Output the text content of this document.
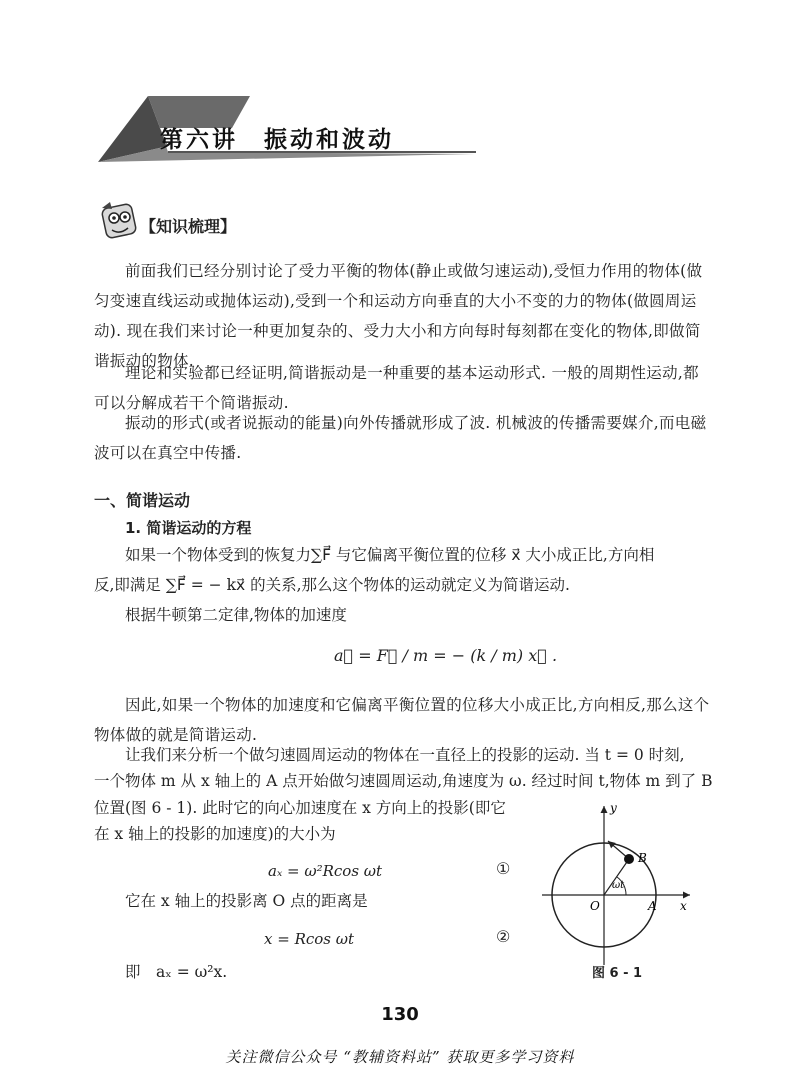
第六讲　振动和波动
【知识梳理】
前面我们已经分别讨论了受力平衡的物体(静止或做匀速运动),受恒力作用的物体(做匀变速直线运动或抛体运动),受到一个和运动方向垂直的大小不变的力的物体(做圆周运动). 现在我们来讨论一种更加复杂的、受力大小和方向每时每刻都在变化的物体,即做简谐振动的物体.
理论和实验都已经证明,简谐振动是一种重要的基本运动形式. 一般的周期性运动,都可以分解成若干个简谐振动.
振动的形式(或者说振动的能量)向外传播就形成了波. 机械波的传播需要媒介,而电磁波可以在真空中传播.
一、简谐运动
1. 简谐运动的方程
如果一个物体受到的恢复力∑F⃗ 与它偏离平衡位置的位移 x⃗ 大小成正比,方向相
反,即满足 ∑F⃗ = − kx⃗ 的关系,那么这个物体的运动就定义为简谐运动.
根据牛顿第二定律,物体的加速度
a⃗ = F⃗ / m = − (k / m) x⃗ .
因此,如果一个物体的加速度和它偏离平衡位置的位移大小成正比,方向相反,那么这个物体做的就是简谐运动.
让我们来分析一个做匀速圆周运动的物体在一直径上的投影的运动. 当 t = 0 时刻,
一个物体 m 从 x 轴上的 A 点开始做匀速圆周运动,角速度为 ω. 经过时间 t,物体 m 到了 B
位置(图 6 - 1). 此时它的向心加速度在 x 方向上的投影(即它
在 x 轴上的投影的加速度)的大小为
aₓ = ω²Rcos ωt	①
它在 x 轴上的投影离 O 点的距离是
x = Rcos ωt	②
即　aₓ = ω²x.
y
x
O	A
B
ωt
图 6 - 1
130
关注微信公众号 “教辅资料站” 获取更多学习资料
